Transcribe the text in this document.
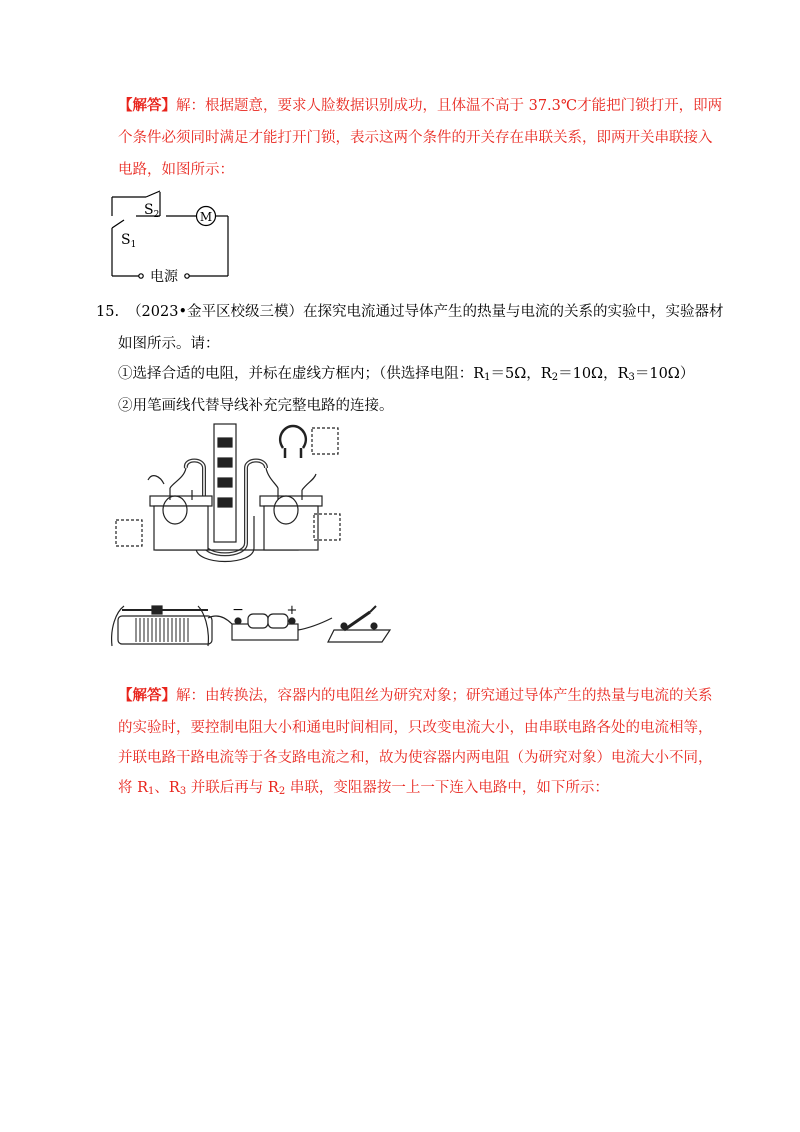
【解答】解：根据题意，要求人脸数据识别成功，且体温不高于 37.3℃才能把门锁打开，即两
个条件必须同时满足才能打开门锁，表示这两个条件的开关存在串联关系，即两开关串联接入
电路，如图所示：
$S_2$
$S_1$
M
电源
15. （2023•金平区校级三模）在探究电流通过导体产生的热量与电流的关系的实验中，实验器材
如图所示。请：
①选择合适的电阻，并标在虚线方框内；（供选择电阻：$R_1=5\Omega$，$R_2=10\Omega$，$R_3=10\Omega$）
②用笔画线代替导线补充完整电路的连接。
−	+
【解答】解：由转换法，容器内的电阻丝为研究对象；研究通过导体产生的热量与电流的关系
的实验时，要控制电阻大小和通电时间相同，只改变电流大小，由串联电路各处的电流相等，
并联电路干路电流等于各支路电流之和，故为使容器内两电阻（为研究对象）电流大小不同，
将 $R_1$、$R_3$ 并联后再与 $R_2$ 串联，变阻器按一上一下连入电路中，如下所示：
